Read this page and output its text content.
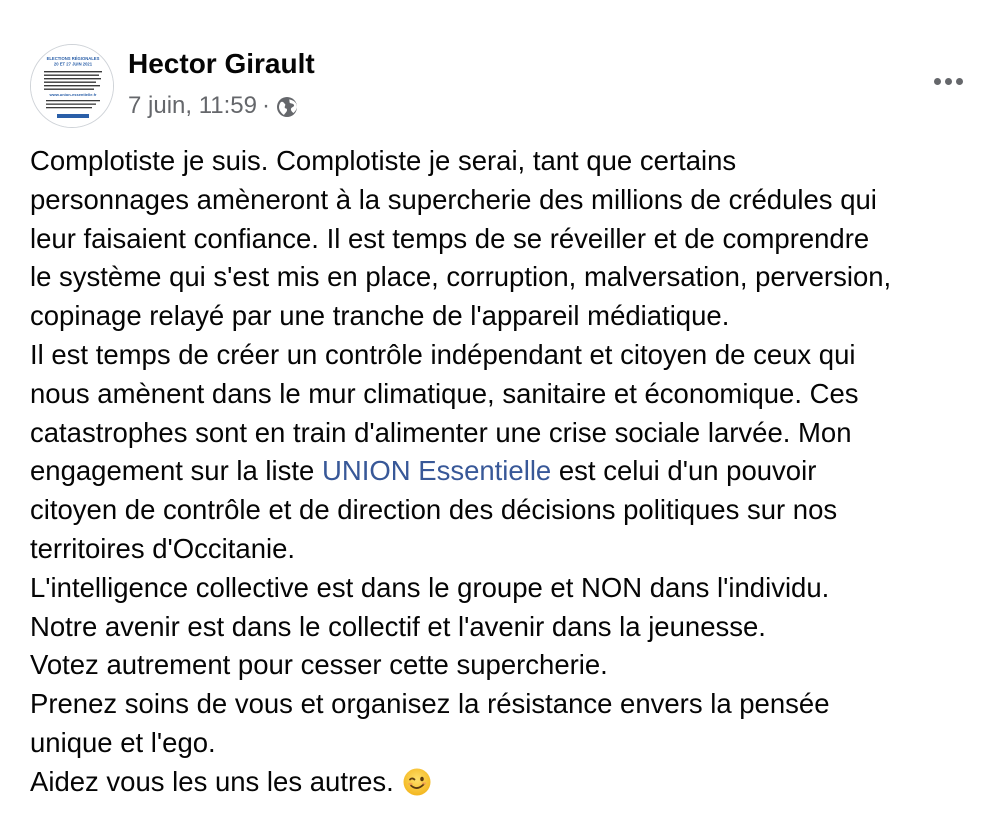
ELECTIONS RÉGIONALES
20 ET 27 JUIN 2021
www.union-essentielle.fr
Hector Girault
7 juin, 11:59 ·
Complotiste je suis. Complotiste je serai, tant que certains
personnages amèneront à la supercherie des millions de crédules qui
leur faisaient confiance. Il est temps de se réveiller et de comprendre
le système qui s'est mis en place, corruption, malversation, perversion,
copinage relayé par une tranche de l'appareil médiatique.
Il est temps de créer un contrôle indépendant et citoyen de ceux qui
nous amènent dans le mur climatique, sanitaire et économique. Ces
catastrophes sont en train d'alimenter une crise sociale larvée. Mon
engagement sur la liste UNION Essentielle est celui d'un pouvoir
citoyen de contrôle et de direction des décisions politiques sur nos
territoires d'Occitanie.
L'intelligence collective est dans le groupe et NON dans l'individu.
Notre avenir est dans le collectif et l'avenir dans la jeunesse.
Votez autrement pour cesser cette supercherie.
Prenez soins de vous et organisez la résistance envers la pensée
unique et l'ego.
Aidez vous les uns les autres.
